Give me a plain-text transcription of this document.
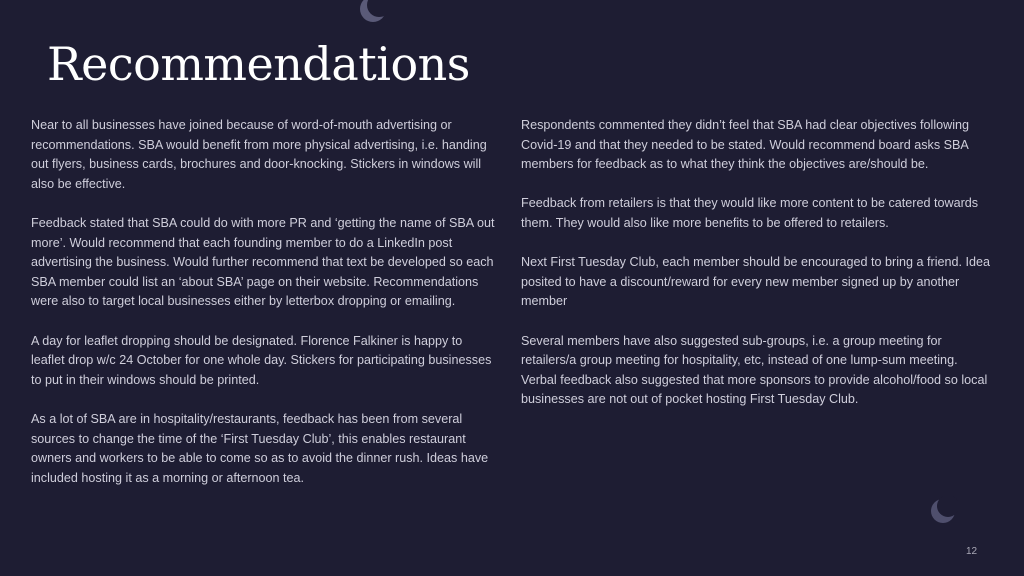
Recommendations

Near to all businesses have joined because of word-of-mouth advertising or recommendations. SBA would benefit from more physical advertising, i.e. handing out flyers, business cards, brochures and door-knocking. Stickers in windows will also be effective.

Feedback stated that SBA could do with more PR and ‘getting the name of SBA out more’. Would recommend that each founding member to do a LinkedIn post advertising the business. Would further recommend that text be developed so each SBA member could list an ‘about SBA’ page on their website. Recommendations were also to target local businesses either by letterbox dropping or emailing.

A day for leaflet dropping should be designated. Florence Falkiner is happy to leaflet drop w/c 24 October for one whole day. Stickers for participating businesses to put in their windows should be printed.

As a lot of SBA are in hospitality/restaurants, feedback has been from several sources to change the time of the ‘First Tuesday Club’, this enables restaurant owners and workers to be able to come so as to avoid the dinner rush. Ideas have included hosting it as a morning or afternoon tea.

Respondents commented they didn’t feel that SBA had clear objectives following Covid-19 and that they needed to be stated. Would recommend board asks SBA members for feedback as to what they think the objectives are/should be.

Feedback from retailers is that they would like more content to be catered towards them. They would also like more benefits to be offered to retailers.

Next First Tuesday Club, each member should be encouraged to bring a friend. Idea posited to have a discount/reward for every new member signed up by another member

Several members have also suggested sub-groups, i.e. a group meeting for retailers/a group meeting for hospitality, etc, instead of one lump-sum meeting. Verbal feedback also suggested that more sponsors to provide alcohol/food so local businesses are not out of pocket hosting First Tuesday Club.

12
